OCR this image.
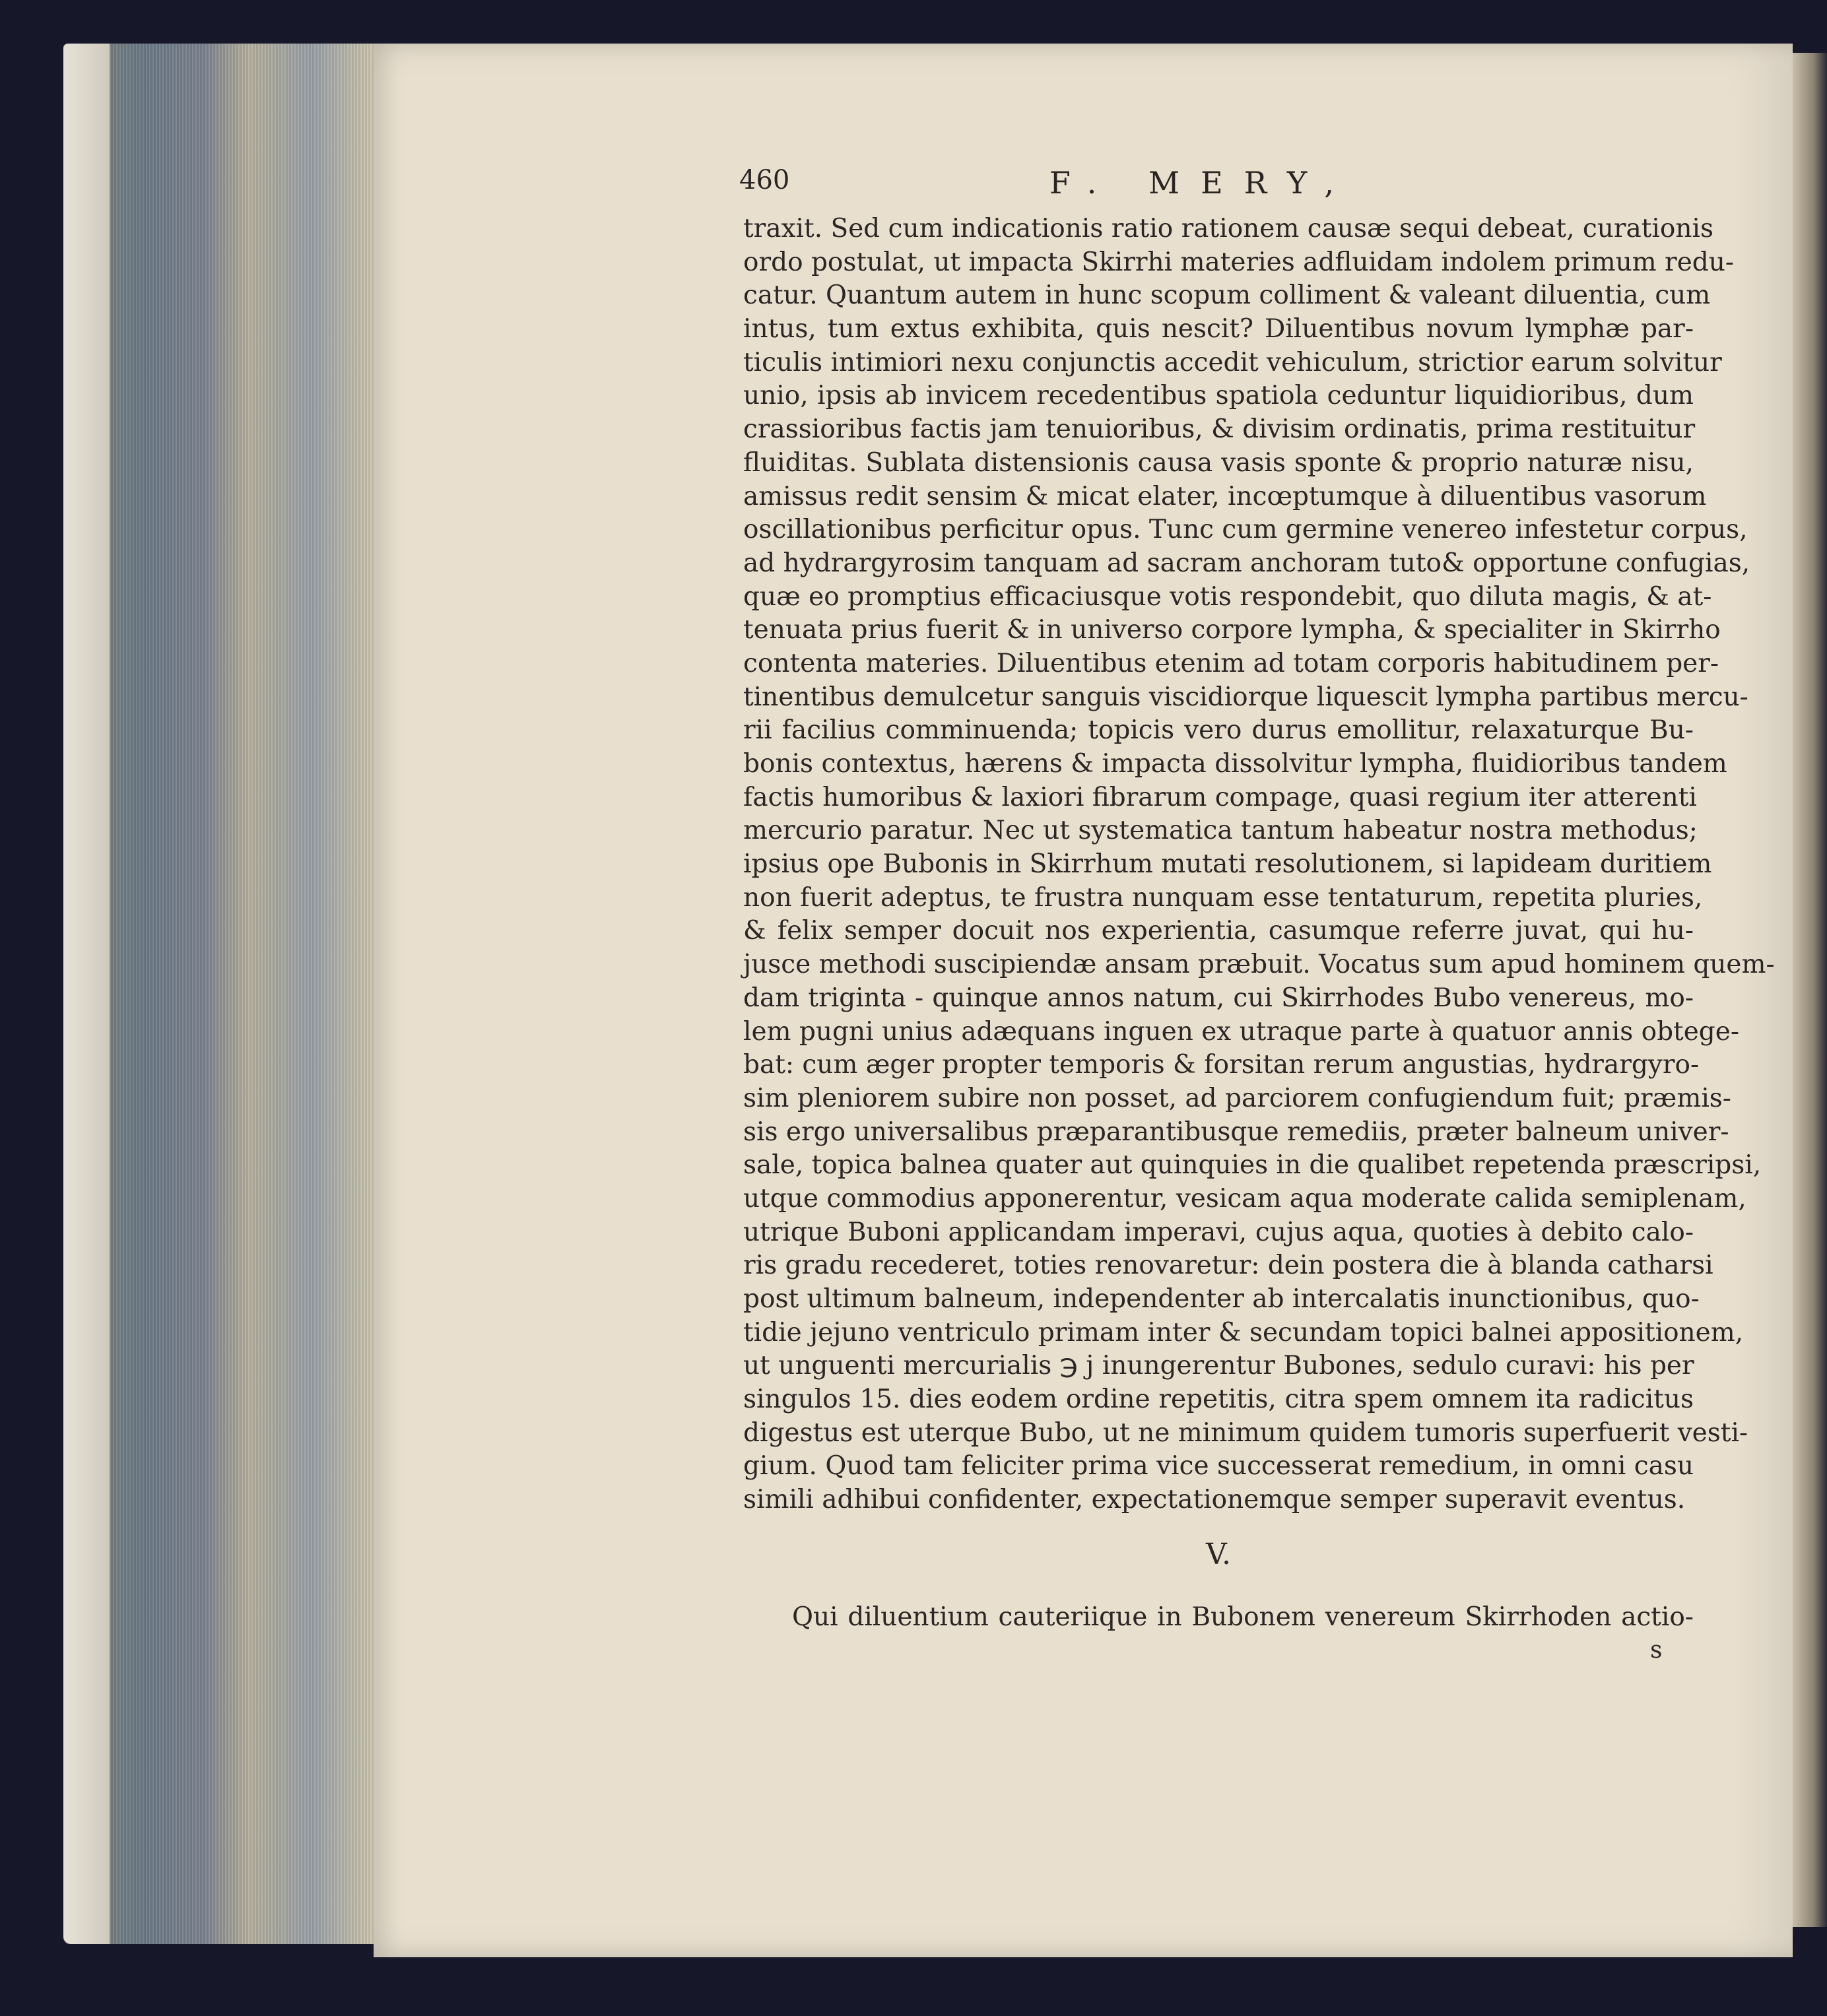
460	F. MERY,
traxit. Sed cum indicationis ratio rationem causæ sequi debeat, curationis
ordo postulat, ut impacta Skirrhi materies adfluidam indolem primum redu-
catur. Quantum autem in hunc scopum colliment & valeant diluentia, cum
intus, tum extus exhibita, quis nescit? Diluentibus novum lymphæ par-
ticulis intimiori nexu conjunctis accedit vehiculum, strictior earum solvitur
unio, ipsis ab invicem recedentibus spatiola ceduntur liquidioribus, dum
crassioribus factis jam tenuioribus, & divisim ordinatis, prima restituitur
fluiditas. Sublata distensionis causa vasis sponte & proprio naturæ nisu,
amissus redit sensim & micat elater, incœptumque à diluentibus vasorum
oscillationibus perficitur opus. Tunc cum germine venereo infestetur corpus,
ad hydrargyrosim tanquam ad sacram anchoram tuto& opportune confugias,
quæ eo promptius efficaciusque votis respondebit, quo diluta magis, & at-
tenuata prius fuerit & in universo corpore lympha, & specialiter in Skirrho
contenta materies. Diluentibus etenim ad totam corporis habitudinem per-
tinentibus demulcetur sanguis viscidiorque liquescit lympha partibus mercu-
rii facilius comminuenda; topicis vero durus emollitur, relaxaturque Bu-
bonis contextus, hærens & impacta dissolvitur lympha, fluidioribus tandem
factis humoribus & laxiori fibrarum compage, quasi regium iter atterenti
mercurio paratur. Nec ut systematica tantum habeatur nostra methodus;
ipsius ope Bubonis in Skirrhum mutati resolutionem, si lapideam duritiem
non fuerit adeptus, te frustra nunquam esse tentaturum, repetita pluries,
& felix semper docuit nos experientia, casumque referre juvat, qui hu-
jusce methodi suscipiendæ ansam præbuit. Vocatus sum apud hominem quem-
dam triginta - quinque annos natum, cui Skirrhodes Bubo venereus, mo-
lem pugni unius adæquans inguen ex utraque parte à quatuor annis obtege-
bat: cum æger propter temporis & forsitan rerum angustias, hydrargyro-
sim pleniorem subire non posset, ad parciorem confugiendum fuit; præmis-
sis ergo universalibus præparantibusque remediis, præter balneum univer-
sale, topica balnea quater aut quinquies in die qualibet repetenda præscripsi,
utque commodius apponerentur, vesicam aqua moderate calida semiplenam,
utrique Buboni applicandam imperavi, cujus aqua, quoties à debito calo-
ris gradu recederet, toties renovaretur: dein postera die à blanda catharsi
post ultimum balneum, independenter ab intercalatis inunctionibus, quo-
tidie jejuno ventriculo primam inter & secundam topici balnei appositionem,
ut unguenti mercurialis ℈ j inungerentur Bubones, sedulo curavi: his per
singulos 15. dies eodem ordine repetitis, citra spem omnem ita radicitus
digestus est uterque Bubo, ut ne minimum quidem tumoris superfuerit vesti-
gium. Quod tam feliciter prima vice successerat remedium, in omni casu
simili adhibui confidenter, expectationemque semper superavit eventus.
V.
Qui diluentium cauteriique in Bubonem venereum Skirrhoden actio-
s
